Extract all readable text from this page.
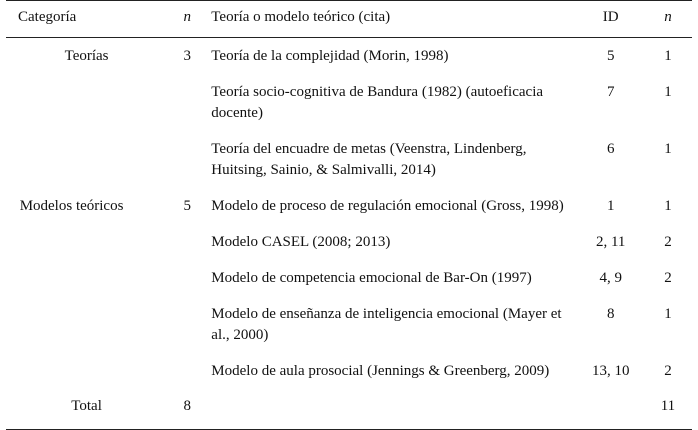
Categoría	n	Teoría o modelo teórico (cita)	ID	n
Teorías	3	Teoría de la complejidad (Morin, 1998)	5	1
		Teoría socio-cognitiva de Bandura (1982) (autoeficacia docente)	7	1
		Teoría del encuadre de metas (Veenstra, Lindenberg, Huitsing, Sainio, & Salmivalli, 2014)	6	1
Modelos teóricos	5	Modelo de proceso de regulación emocional (Gross, 1998)	1	1
		Modelo CASEL (2008; 2013)	2, 11	2
		Modelo de competencia emocional de Bar-On (1997)	4, 9	2
		Modelo de enseñanza de inteligencia emocional (Mayer et al., 2000)	8	1
		Modelo de aula prosocial (Jennings & Greenberg, 2009)	13, 10	2
Total	8			11
